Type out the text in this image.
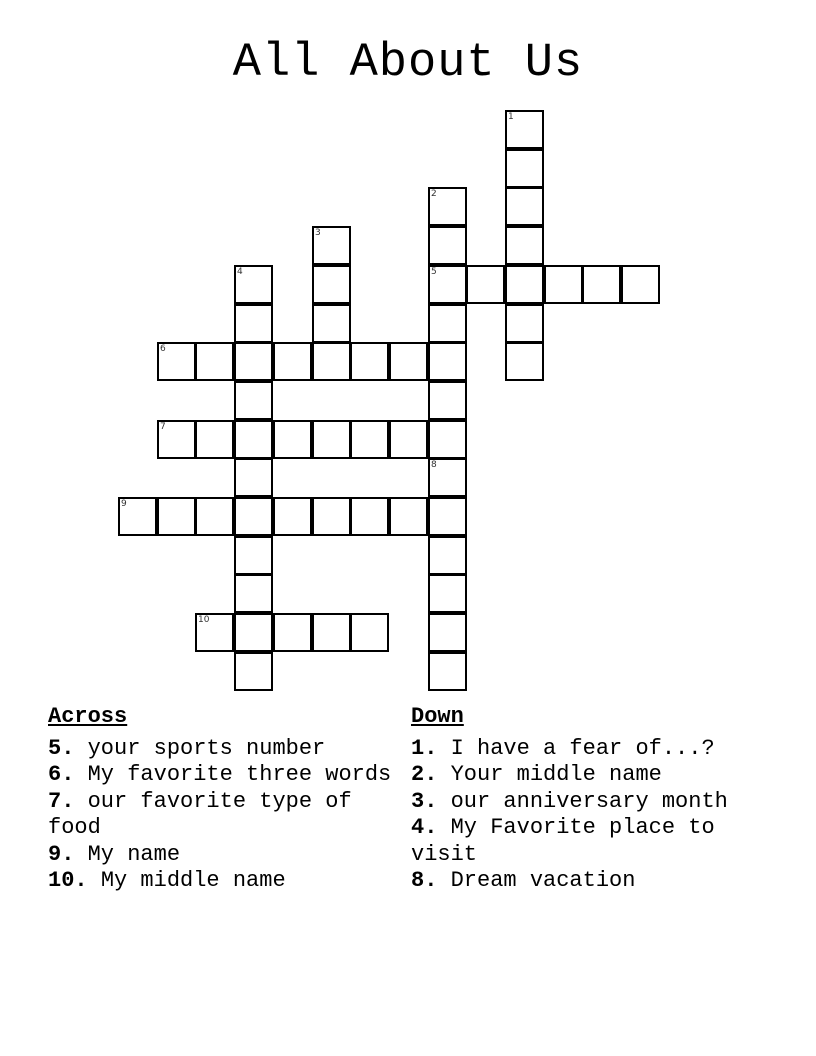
All About Us
1
2
5
3
4
6
7
8
9
10
Across
5. your sports number
6. My favorite three words
7. our favorite type of food
9. My name
10. My middle name
Down
1. I have a fear of...?
2. Your middle name
3. our anniversary month
4. My Favorite place to visit
8. Dream vacation
